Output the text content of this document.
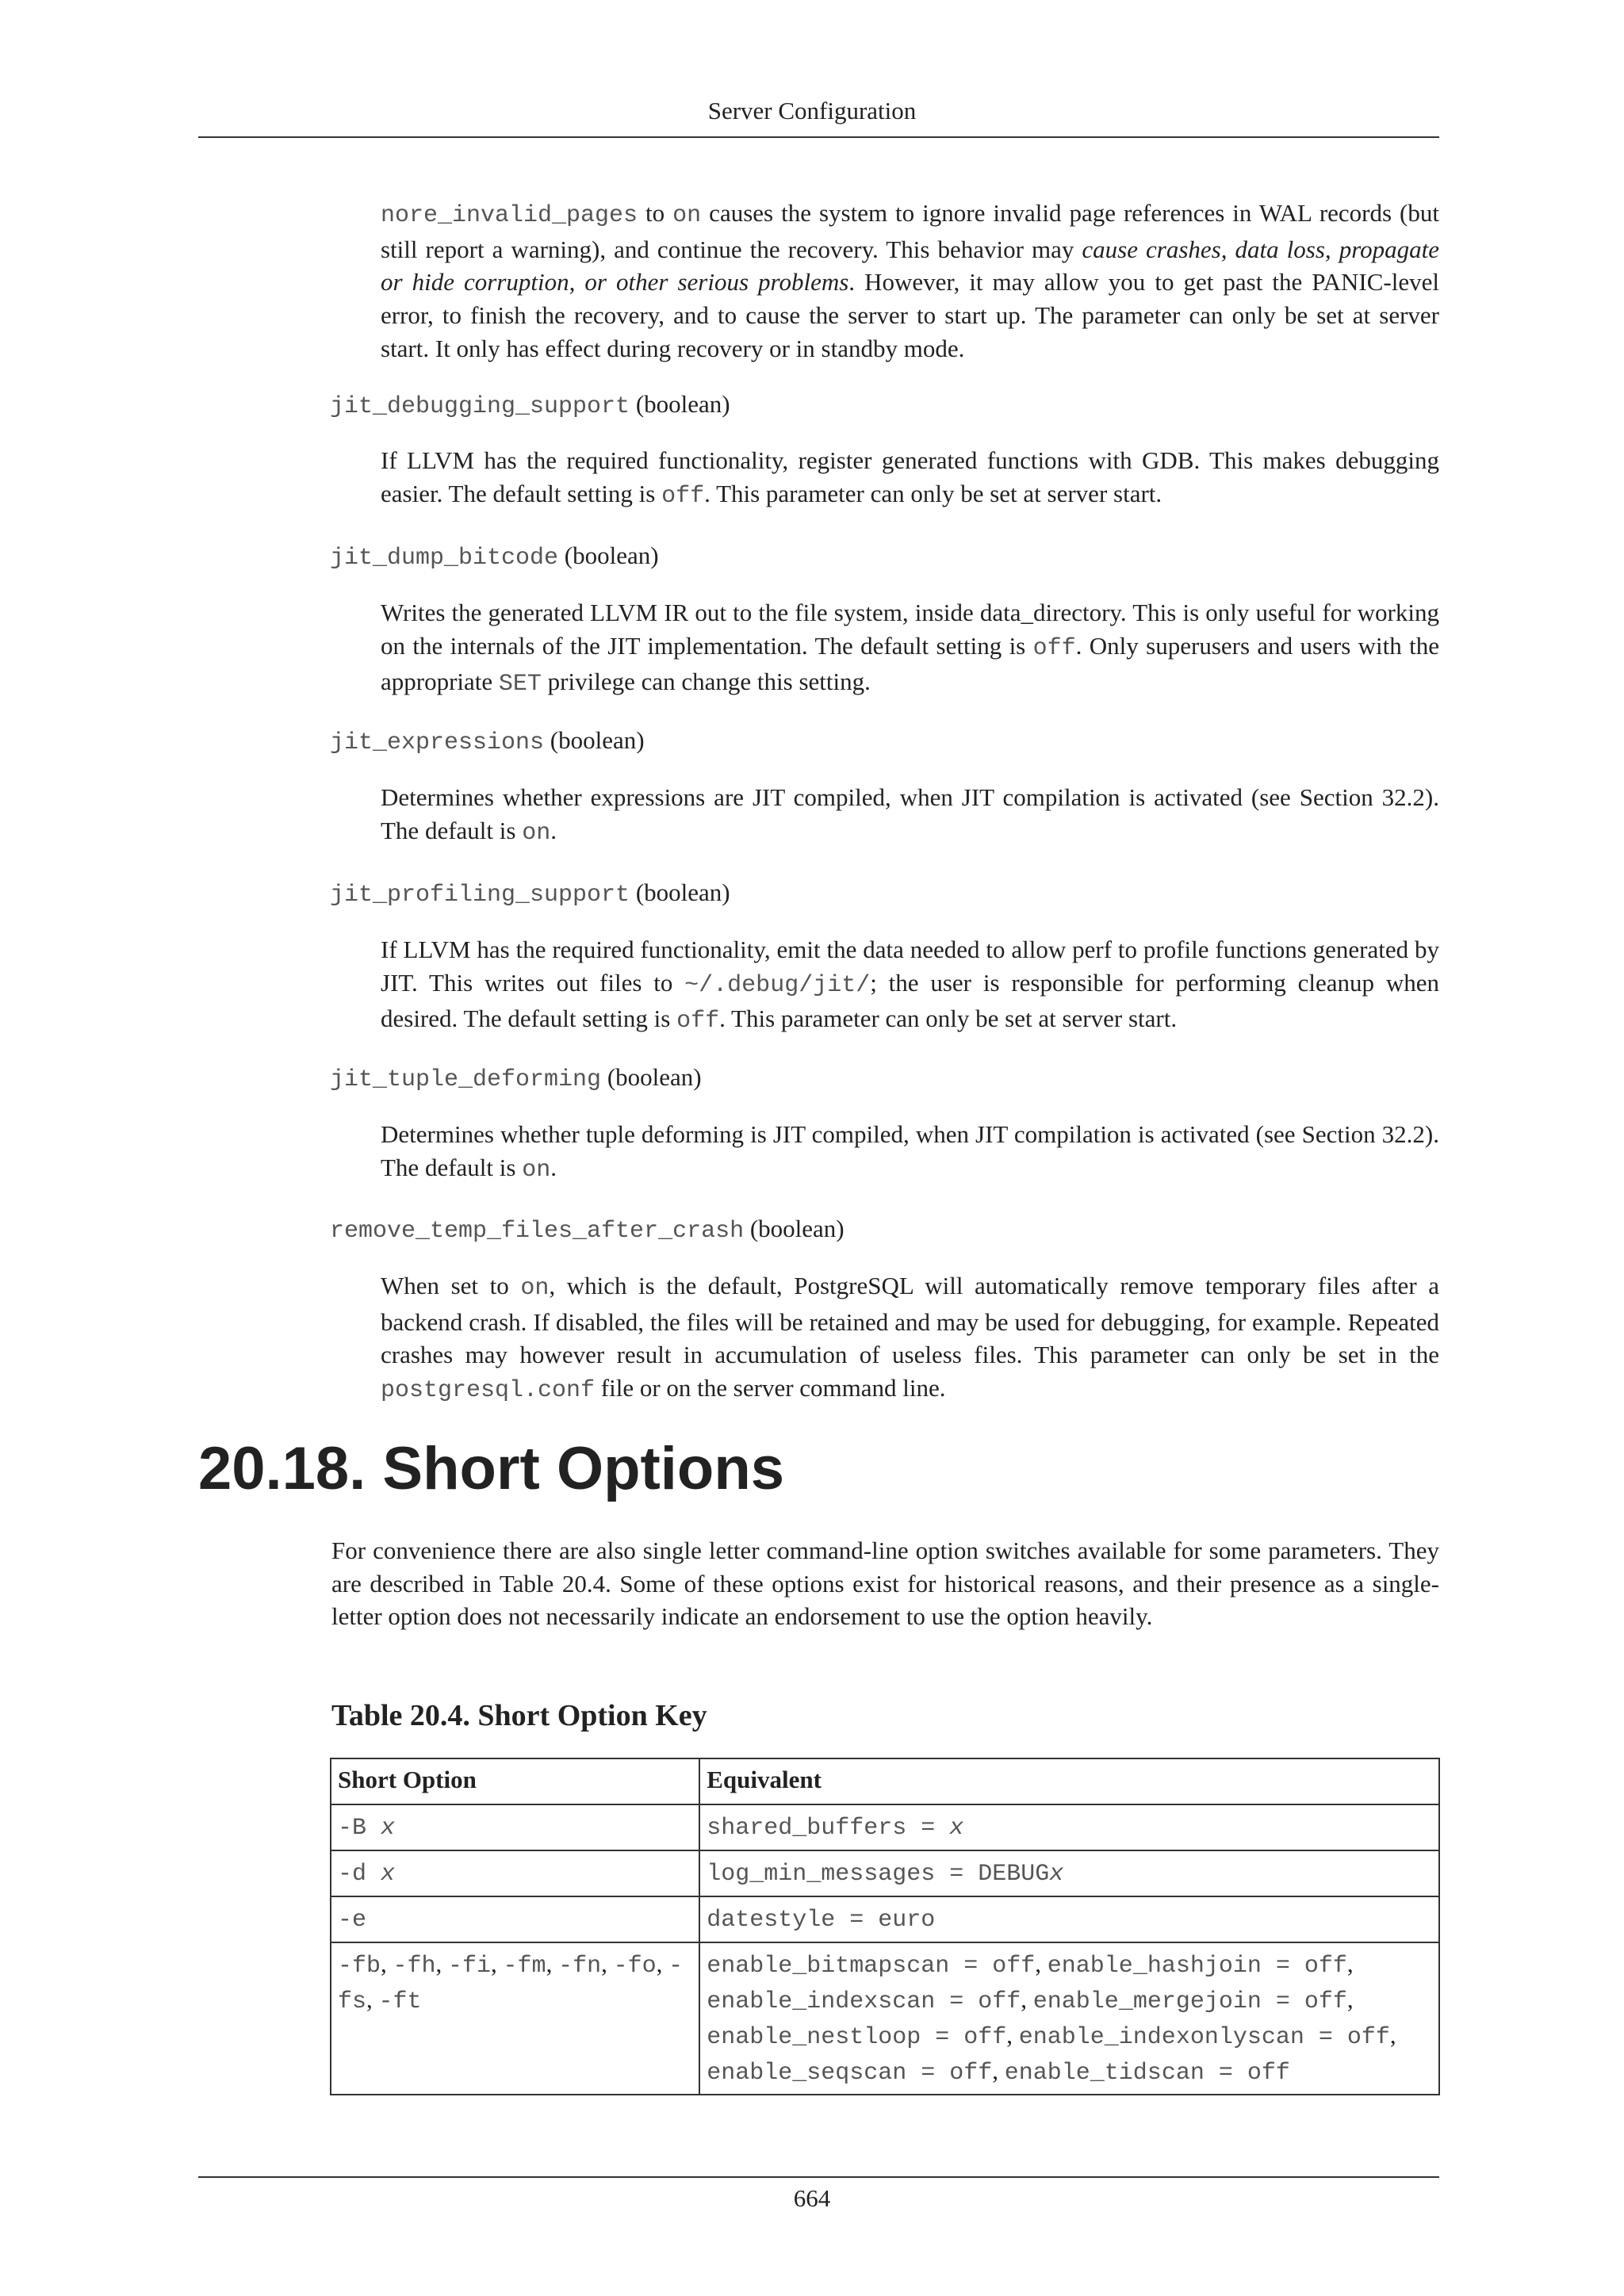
Server Configuration

nore_invalid_pages to on causes the system to ignore invalid page references in WAL records (but still report a warning), and continue the recovery. This behavior may cause crashes, data loss, propagate or hide corruption, or other serious problems. However, it may allow you to get past the PANIC-level error, to finish the recovery, and to cause the server to start up. The parameter can only be set at server start. It only has effect during recovery or in standby mode.

jit_debugging_support (boolean)

If LLVM has the required functionality, register generated functions with GDB. This makes debugging easier. The default setting is off. This parameter can only be set at server start.

jit_dump_bitcode (boolean)

Writes the generated LLVM IR out to the file system, inside data_directory. This is only useful for working on the internals of the JIT implementation. The default setting is off. Only superusers and users with the appropriate SET privilege can change this setting.

jit_expressions (boolean)

Determines whether expressions are JIT compiled, when JIT compilation is activated (see Section 32.2). The default is on.

jit_profiling_support (boolean)

If LLVM has the required functionality, emit the data needed to allow perf to profile functions generated by JIT. This writes out files to ~/.debug/jit/; the user is responsible for performing cleanup when desired. The default setting is off. This parameter can only be set at server start.

jit_tuple_deforming (boolean)

Determines whether tuple deforming is JIT compiled, when JIT compilation is activated (see Section 32.2). The default is on.

remove_temp_files_after_crash (boolean)

When set to on, which is the default, PostgreSQL will automatically remove temporary files after a backend crash. If disabled, the files will be retained and may be used for debugging, for example. Repeated crashes may however result in accumulation of useless files. This parameter can only be set in the postgresql.conf file or on the server command line.

20.18. Short Options

For convenience there are also single letter command-line option switches available for some parameters. They are described in Table 20.4. Some of these options exist for historical reasons, and their presence as a single-letter option does not necessarily indicate an endorsement to use the option heavily.

Table 20.4. Short Option Key
Short Option	Equivalent
-B x	shared_buffers = x
-d x	log_min_messages = DEBUGx
-e	datestyle = euro
-fb, -fh, -fi, -fm, -fn, -fo, -fs, -ft	enable_bitmapscan = off, enable_hashjoin = off, enable_indexscan = off, enable_mergejoin = off, enable_nestloop = off, enable_indexonlyscan = off, enable_seqscan = off, enable_tidscan = off
664
